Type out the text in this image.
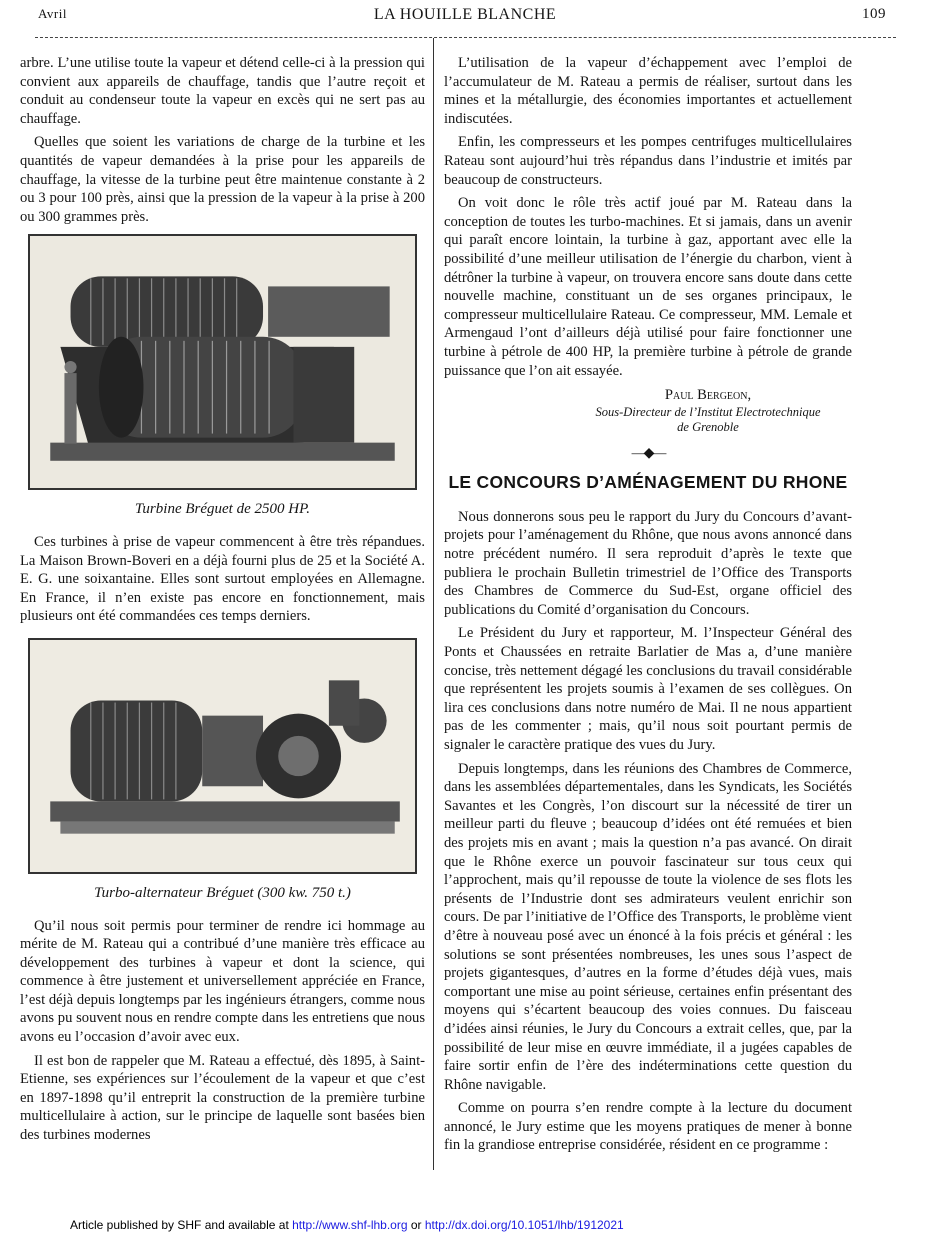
Avril	LA HOUILLE BLANCHE	109

arbre. L’une utilise toute la vapeur et détend celle-ci à la pression qui convient aux appareils de chauffage, tandis que l’autre reçoit et conduit au condenseur toute la vapeur en excès qui ne sert pas au chauffage.

Quelles que soient les variations de charge de la turbine et les quantités de vapeur demandées à la prise pour les appareils de chauffage, la vitesse de la turbine peut être maintenue constante à 2 ou 3 pour 100 près, ainsi que la pression de la vapeur à la prise à 200 ou 300 grammes près.

Turbine Bréguet de 2500 HP.

Ces turbines à prise de vapeur commencent à être très répandues. La Maison Brown-Boveri en a déjà fourni plus de 25 et la Société A. E. G. une soixantaine. Elles sont surtout employées en Allemagne. En France, il n’en existe pas encore en fonctionnement, mais plusieurs ont été commandées ces temps derniers.

Turbo-alternateur Bréguet (300 kw. 750 t.)

Qu’il nous soit permis pour terminer de rendre ici hommage au mérite de M. Rateau qui a contribué d’une manière très efficace au développement des turbines à vapeur et dont la science, qui commence à être justement et universellement appréciée en France, l’est déjà depuis longtemps par les ingénieurs étrangers, comme nous avons pu souvent nous en rendre compte dans les entretiens que nous avons eu l’occasion d’avoir avec eux.

Il est bon de rappeler que M. Rateau a effectué, dès 1895, à Saint-Etienne, ses expériences sur l’écoulement de la vapeur et que c’est en 1897-1898 qu’il entreprit la construction de la première turbine multicellulaire à action, sur le principe de laquelle sont basées bien des turbines modernes

L’utilisation de la vapeur d’échappement avec l’emploi de l’accumulateur de M. Rateau a permis de réaliser, surtout dans les mines et la métallurgie, des économies importantes et actuellement indiscutées.

Enfin, les compresseurs et les pompes centrifuges multicellulaires Rateau sont aujourd’hui très répandus dans l’industrie et imités par beaucoup de constructeurs.

On voit donc le rôle très actif joué par M. Rateau dans la conception de toutes les turbo-machines. Et si jamais, dans un avenir qui paraît encore lointain, la turbine à gaz, apportant avec elle la possibilité d’une meilleur utilisation de l’énergie du charbon, vient à détrôner la turbine à vapeur, on trouvera encore sans doute dans cette nouvelle machine, constituant un de ses organes principaux, le compresseur multicellulaire Rateau. Ce compresseur, MM. Lemale et Armengaud l’ont d’ailleurs déjà utilisé pour faire fonctionner une turbine à pétrole de 400 HP, la première turbine à pétrole de grande puissance que l’on ait essayée.

Paul Bergeon,
Sous-Directeur de l’Institut Electrotechnique
de Grenoble
—◆—
LE CONCOURS D’AMÉNAGEMENT DU RHONE

Nous donnerons sous peu le rapport du Jury du Concours d’avant-projets pour l’aménagement du Rhône, que nous avons annoncé dans notre précédent numéro. Il sera reproduit d’après le texte que publiera le prochain Bulletin trimestriel de l’Office des Transports des Chambres de Commerce du Sud-Est, organe officiel des publications du Comité d’organisation du Concours.

Le Président du Jury et rapporteur, M. l’Inspecteur Général des Ponts et Chaussées en retraite Barlatier de Mas a, d’une manière concise, très nettement dégagé les conclusions du travail considérable que représentent les projets soumis à l’examen de ses collègues. On lira ces conclusions dans notre numéro de Mai. Il ne nous appartient pas de les commenter ; mais, qu’il nous soit pourtant permis de signaler le caractère pratique des vues du Jury.

Depuis longtemps, dans les réunions des Chambres de Commerce, dans les assemblées départementales, dans les Syndicats, les Sociétés Savantes et les Congrès, l’on discourt sur la nécessité de tirer un meilleur parti du fleuve ; beaucoup d’idées ont été remuées et bien des projets mis en avant ; mais la question n’a pas avancé. On dirait que le Rhône exerce un pouvoir fascinateur sur tous ceux qui l’approchent, mais qu’il repousse de toute la violence de ses flots les présents de l’Industrie dont ses admirateurs veulent enrichir son cours. De par l’initiative de l’Office des Transports, le problème vient d’être à nouveau posé avec un énoncé à la fois précis et général : les solutions se sont présentées nombreuses, les unes sous l’aspect de projets gigantesques, d’autres en la forme d’études déjà vues, mais comportant une mise au point sérieuse, certaines enfin présentant des moyens qui s’écartent beaucoup des voies connues. Du faisceau d’idées ainsi réunies, le Jury du Concours a extrait celles, que, par la possibilité de leur mise en œuvre immédiate, il a jugées capables de faire sortir enfin de l’ère des indéterminations cette question du Rhône navigable.

Comme on pourra s’en rendre compte à la lecture du document annoncé, le Jury estime que les moyens pratiques de mener à bonne fin la grandiose entreprise considérée, résident en ce programme :

Article published by SHF and available at http://www.shf-lhb.org or http://dx.doi.org/10.1051/lhb/1912021
